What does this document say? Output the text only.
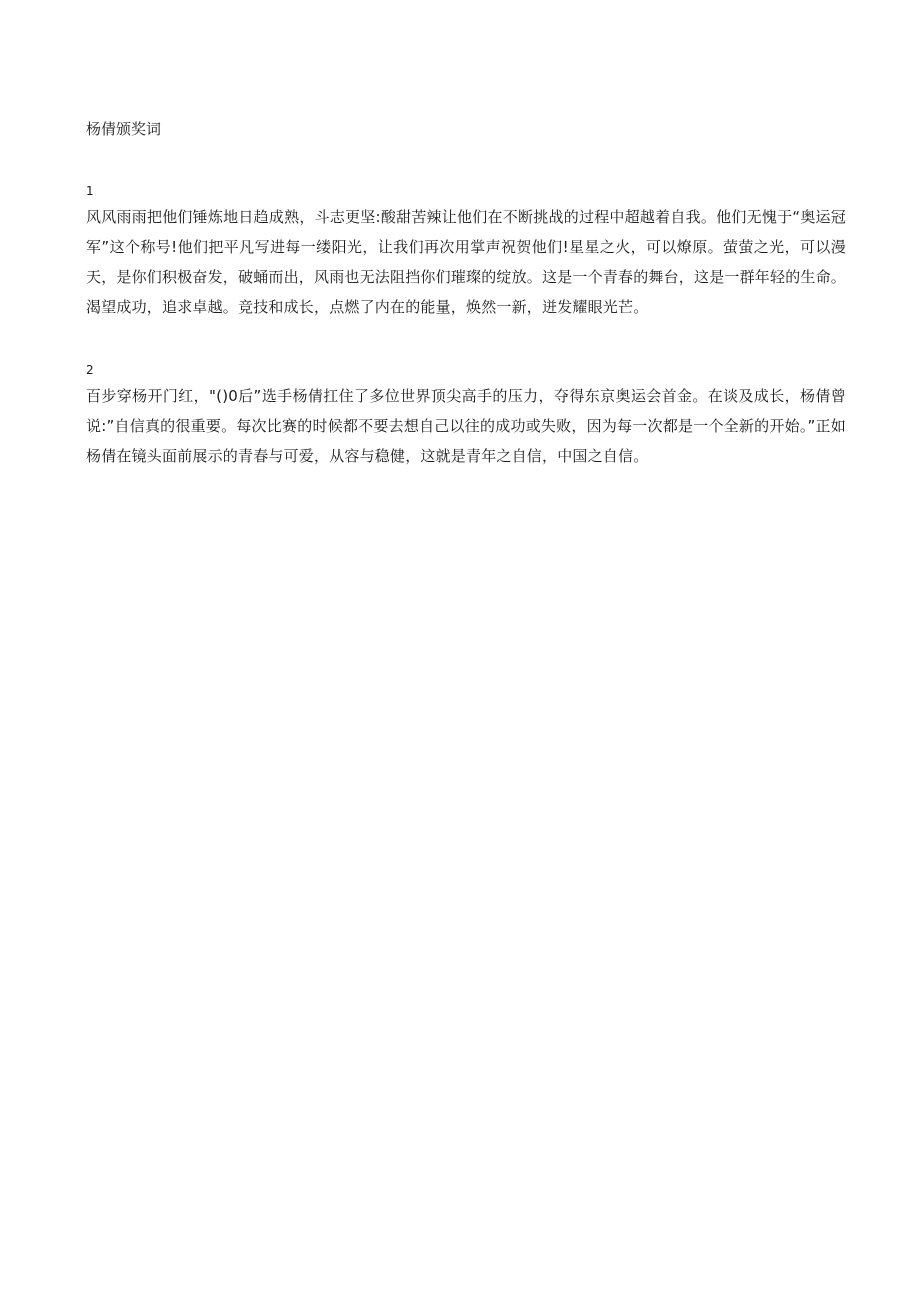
杨倩颁奖词
1

风风雨雨把他们锤炼地日趋成熟，斗志更坚:酸甜苦辣让他们在不断挑战的过程中超越着自我。他们无愧于“奥运冠军”这个称号!他们把平凡写进每一缕阳光，让我们再次用掌声祝贺他们!星星之火，可以燎原。萤萤之光，可以漫天，是你们积极奋发，破蛹而出，风雨也无法阻挡你们璀璨的绽放。这是一个青春的舞台，这是一群年轻的生命。渴望成功，追求卓越。竞技和成长，点燃了内在的能量，焕然一新，迸发耀眼光芒。

2

百步穿杨开门红，"()0后”选手杨倩扛住了多位世界顶尖高手的压力，夺得东京奥运会首金。在谈及成长，杨倩曾说:”自信真的很重要。每次比赛的时候都不要去想自己以往的成功或失败，因为每一次都是一个全新的开始。”正如杨倩在镜头面前展示的青春与可爱，从容与稳健，这就是青年之自信，中国之自信。
